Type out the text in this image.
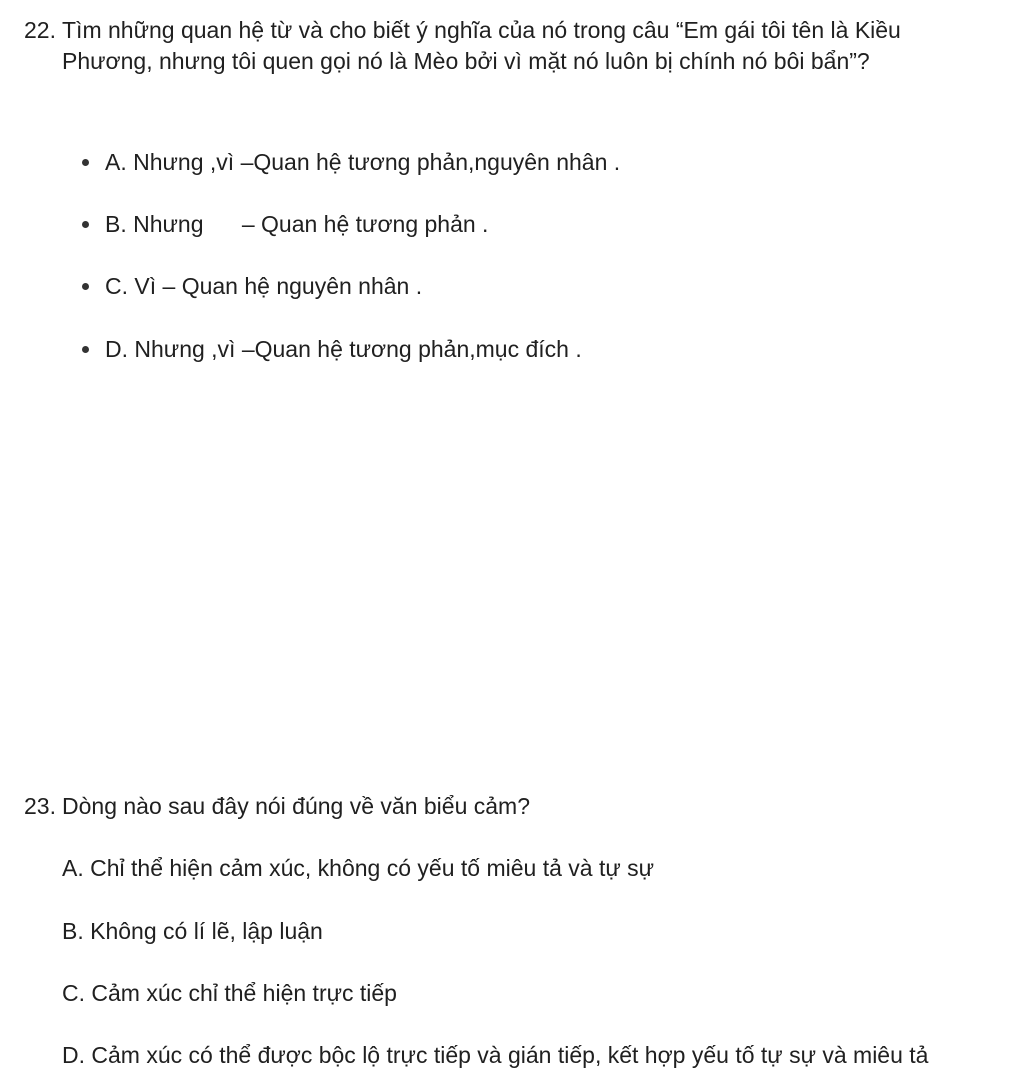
22. Tìm những quan hệ từ và cho biết ý nghĩa của nó trong câu “Em gái tôi tên là Kiều
Phương, nhưng tôi quen gọi nó là Mèo bởi vì mặt nó luôn bị chính nó bôi bẩn”?
A. Nhưng ,vì –Quan hệ tương phản,nguyên nhân .
B. Nhưng      – Quan hệ tương phản .
C. Vì – Quan hệ nguyên nhân .
D. Nhưng ,vì –Quan hệ tương phản,mục đích .
23. Dòng nào sau đây nói đúng về văn biểu cảm?
A. Chỉ thể hiện cảm xúc, không có yếu tố miêu tả và tự sự
B. Không có lí lẽ, lập luận
C. Cảm xúc chỉ thể hiện trực tiếp
D. Cảm xúc có thể được bộc lộ trực tiếp và gián tiếp, kết hợp yếu tố tự sự và miêu tả
